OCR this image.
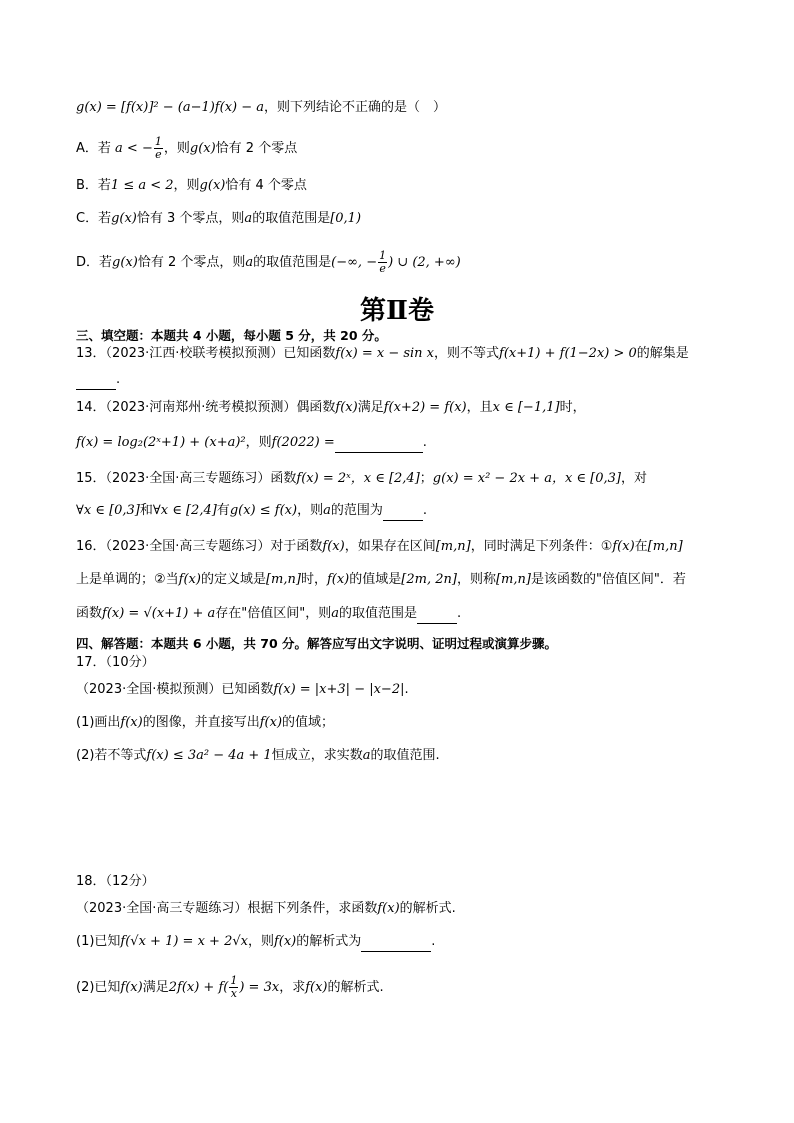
g(x) = [f(x)]² − (a−1)f(x) − a，则下列结论不正确的是（　）
A．若 a < − $\frac{1}{e}$ ，则g(x)恰有 2 个零点
B．若1 ≤ a < 2，则g(x)恰有 4 个零点
C．若g(x)恰有 3 个零点，则a的取值范围是[0,1)
D．若g(x)恰有 2 个零点，则a的取值范围是(−∞, − $\frac{1}{e}$ ) ∪ (2, +∞)
第Ⅱ卷
三、填空题：本题共 4 小题，每小题 5 分，共 20 分。
13．（2023·江西·校联考模拟预测）已知函数f(x) = x − sin x，则不等式f(x+1) + f(1−2x) > 0的解集是
.
14．（2023·河南郑州·统考模拟预测）偶函数f(x)满足f(x+2) = f(x)，且x ∈ [−1,1]时，
f(x) = log₂(2ˣ+1) + (x+a)²，则f(2022) =	.
15．（2023·全国·高三专题练习）函数f(x) = 2ˣ，x ∈ [2,4]；g(x) = x² − 2x + a，x ∈ [0,3]，对
∀x ∈ [0,3]和∀x ∈ [2,4]有g(x) ≤ f(x)，则a的范围为	.
16．（2023·全国·高三专题练习）对于函数f(x)，如果存在区间[m,n]，同时满足下列条件：①f(x)在[m,n]
上是单调的；②当f(x)的定义域是[m,n]时，f(x)的值域是[2m, 2n]，则称[m,n]是该函数的"倍值区间"．若
函数f(x) = √(x+1) + a存在"倍值区间"，则a的取值范围是	.
四、解答题：本题共 6 小题，共 70 分。解答应写出文字说明、证明过程或演算步骤。
17．（10分）
（2023·全国·模拟预测）已知函数f(x) = |x+3| − |x−2|.
(1)画出f(x)的图像，并直接写出f(x)的值域；
(2)若不等式f(x) ≤ 3a² − 4a + 1恒成立，求实数a的取值范围.
18．（12分）
（2023·全国·高三专题练习）根据下列条件，求函数f(x)的解析式.
(1)已知f(√x + 1) = x + 2√x，则f(x)的解析式为	.
(2)已知f(x)满足$2f(x) + f( \frac{1}{x}$ ) = 3x，求f(x)的解析式.
